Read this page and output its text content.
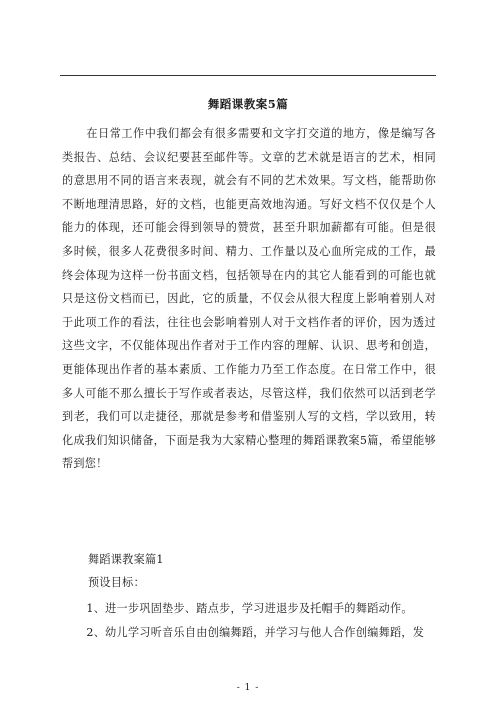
舞蹈课教案5篇
在日常工作中我们都会有很多需要和文字打交道的地方，像是编写各类报告、总结、会议纪要甚至邮件等。文章的艺术就是语言的艺术，相同的意思用不同的语言来表现，就会有不同的艺术效果。写文档，能帮助你不断地理清思路，好的文档，也能更高效地沟通。写好文档不仅仅是个人能力的体现，还可能会得到领导的赞赏，甚至升职加薪都有可能。但是很多时候，很多人花费很多时间、精力、工作量以及心血所完成的工作，最终会体现为这样一份书面文档，包括领导在内的其它人能看到的可能也就只是这份文档而已，因此，它的质量，不仅会从很大程度上影响着别人对于此项工作的看法，往往也会影响着别人对于文档作者的评价，因为透过这些文字，不仅能体现出作者对于工作内容的理解、认识、思考和创造，更能体现出作者的基本素质、工作能力乃至工作态度。在日常工作中，很多人可能不那么擅长于写作或者表达，尽管这样，我们依然可以活到老学到老，我们可以走捷径，那就是参考和借鉴别人写的文档，学以致用，转化成我们知识储备，下面是我为大家精心整理的舞蹈课教案5篇，希望能够帮到您！
舞蹈课教案篇1
预设目标：
1、进一步巩固垫步、踏点步，学习进退步及托帽手的舞蹈动作。
2、幼儿学习听音乐自由创编舞蹈，并学习与他人合作创编舞蹈，发
- 1 -
